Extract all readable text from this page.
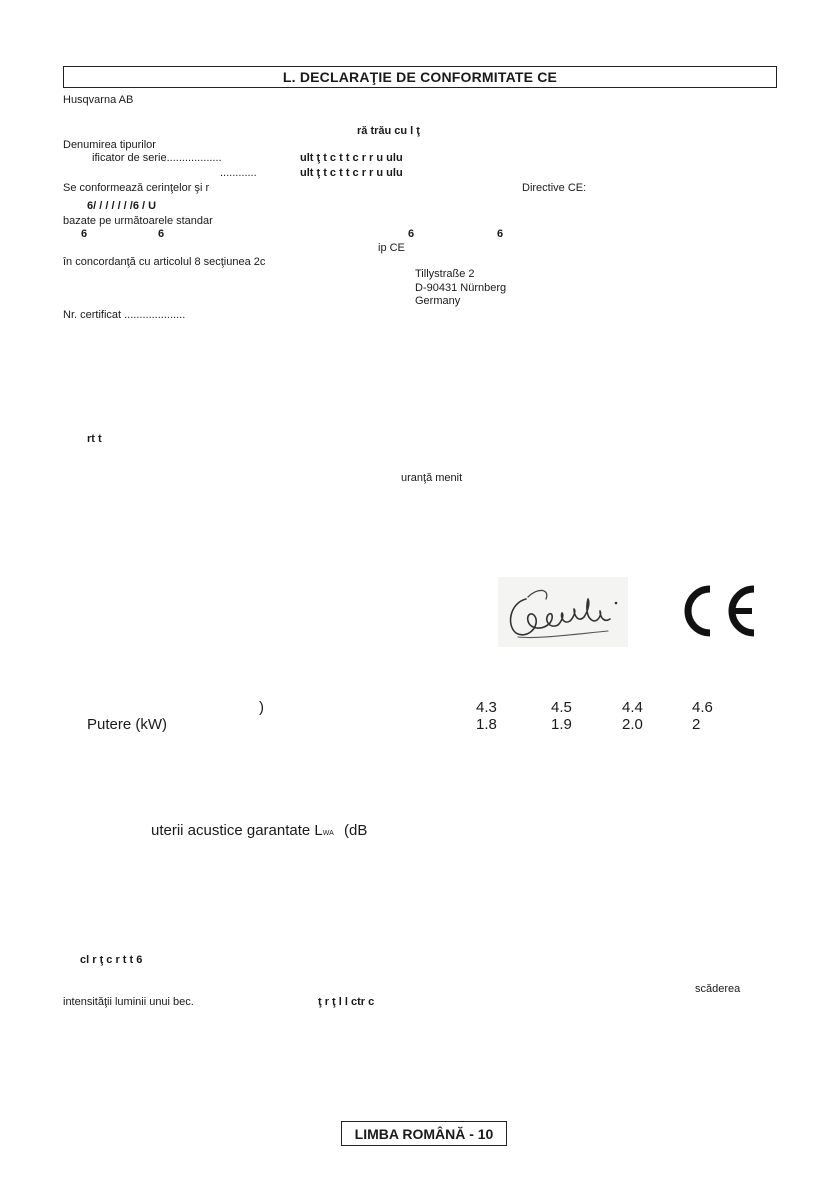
L. DECLARAŢIE DE CONFORMITATE CE
Husqvarna AB
ră trău cu l ţ
Denumirea tipurilor
ificator de serie..................	ult ţ t c t t c r r u ulu
............	ult ţ t c t t c r r u ulu
Se conformează cerinţelor şi r	Directive CE:
6/ / / / / / /6 / U
bazate pe următoarele standar
6	6	6	6
ip CE
în concordanţă cu articolul 8 secţiunea 2c
Tillystraße 2
D-90431 Nürnberg
Germany
Nr. certificat ....................
rt t
uranţă menit
)	4.3	4.5	4.4	4.6
Putere (kW)	1.8	1.9	2.0	2
uterii acustice garantate LWA (dB
cl r ţ c r t t 6
scăderea
intensităţii luminii unui bec.	ţ r ţ l l ctr c
LIMBA ROMÂNĂ - 10
